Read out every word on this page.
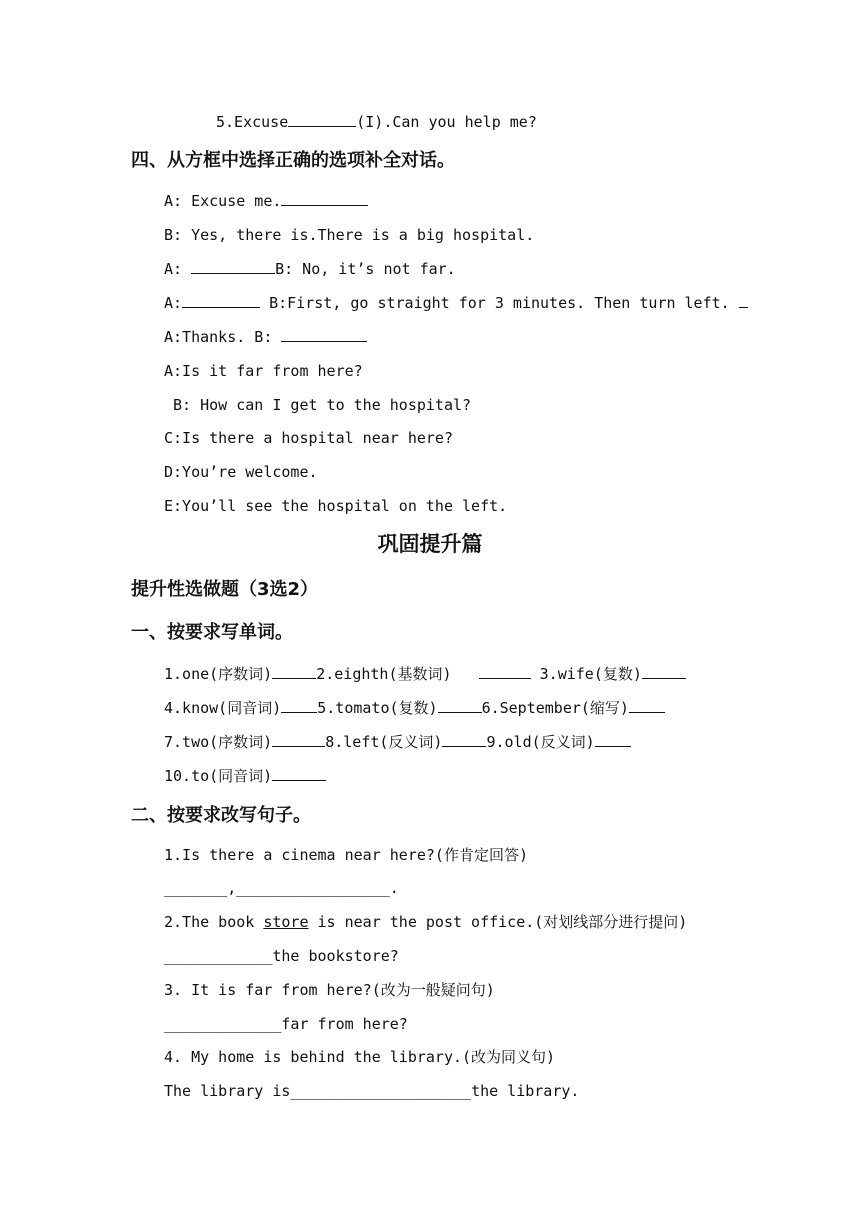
5.Excuse	(I).Can you help me?
四、从方框中选择正确的选项补全对话。
A: Excuse me.
B: Yes, there is.There is a big hospital.
A:	B: No, it’s not far.
A:	B:First, go straight for 3 minutes. Then turn left.
A:Thanks. B:
A:Is it far from here?
B: How can I get to the hospital?
C:Is there a hospital near here?
D:You’re welcome.
E:You’ll see the hospital on the left.
巩固提升篇
提升性选做题（3选2）
一、按要求写单词。
1.one(序数词)	2.eighth(基数词)	3.wife(复数)
4.know(同音词) 5.tomato(复数)	6.September(缩写)
7.two(序数词)	8.left(反义词)	9.old(反义词)
10.to(同音词)
二、按要求改写句子。
1.Is there a cinema near here?(作肯定回答)
_______,_________________.
2.The book store is near the post office.(对划线部分进行提问)
____________the bookstore?
3. It is far from here?(改为一般疑问句)
_____________far from here?
4. My home is behind the library.(改为同义句)
The library is____________________the library.
